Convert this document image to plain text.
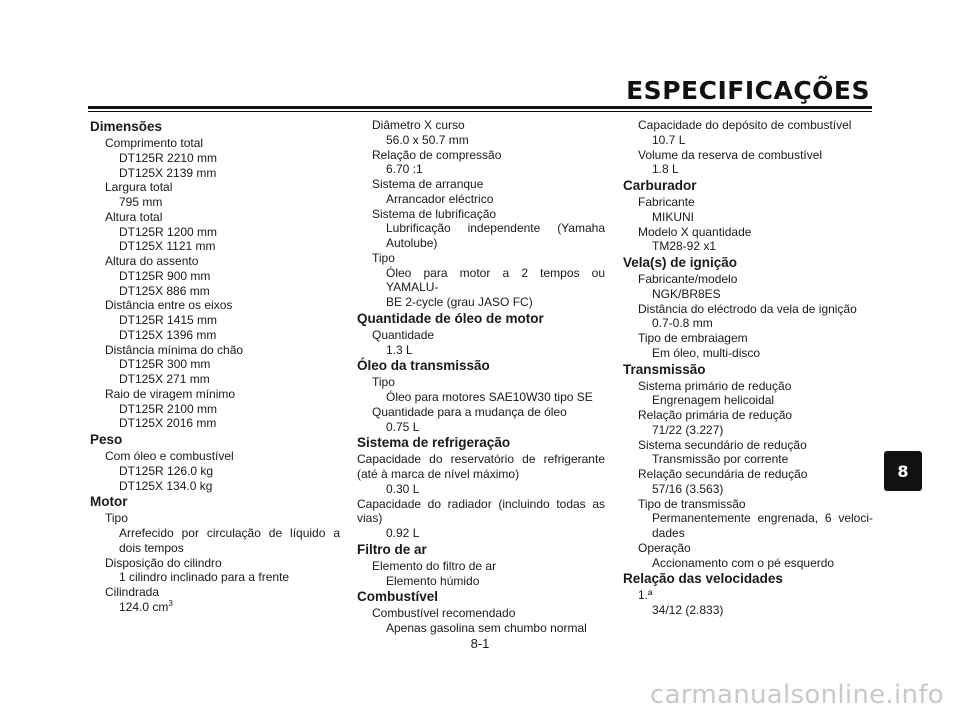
ESPECIFICAÇÕES
Dimensões
Comprimento total
DT125R 2210 mm
DT125X 2139 mm
Largura total
795 mm
Altura total
DT125R 1200 mm
DT125X 1121 mm
Altura do assento
DT125R 900 mm
DT125X 886 mm
Distância entre os eixos
DT125R 1415 mm
DT125X 1396 mm
Distância mínima do chão
DT125R 300 mm
DT125X 271 mm
Raio de viragem mínimo
DT125R 2100 mm
DT125X 2016 mm
Peso
Com óleo e combustível
DT125R 126.0 kg
DT125X 134.0 kg
Motor
Tipo
Arrefecido por circulação de líquido a
dois tempos
Disposição do cilindro
1 cilindro inclinado para a frente
Cilindrada
124.0 $cm^3$
Diâmetro X curso
56.0 x 50.7 mm
Relação de compressão
6.70 :1
Sistema de arranque
Arrancador eléctrico
Sistema de lubrificação
Lubrificação independente (Yamaha
Autolube)
Tipo
Óleo para motor a 2 tempos ou YAMALU-
BE 2-cycle (grau JASO FC)
Quantidade de óleo de motor
Quantidade
1.3 L
Óleo da transmissão
Tipo
Óleo para motores SAE10W30 tipo SE
Quantidade para a mudança de óleo
0.75 L
Sistema de refrigeração
Capacidade do reservatório de refrigerante
(até à marca de nível máximo)
0.30 L
Capacidade do radiador (incluindo todas as
vias)
0.92 L
Filtro de ar
Elemento do filtro de ar
Elemento húmido
Combustível
Combustível recomendado
Apenas gasolina sem chumbo normal
Capacidade do depósito de combustível
10.7 L
Volume da reserva de combustível
1.8 L
Carburador
Fabricante
MIKUNI
Modelo X quantidade
TM28-92 x1
Vela(s) de ignição
Fabricante/modelo
NGK/BR8ES
Distância do eléctrodo da vela de ignição
0.7-0.8 mm
Tipo de embraiagem
Em óleo, multi-disco
Transmissão
Sistema primário de redução
Engrenagem helicoidal
Relação primária de redução
71/22 (3.227)
Sistema secundário de redução
Transmissão por corrente
Relação secundária de redução
57/16 (3.563)
Tipo de transmissão
Permanentemente engrenada, 6 veloci-
dades
Operação
Accionamento com o pé esquerdo
Relação das velocidades
1.ª
34/12 (2.833)
8
8-1
carmanualsonline.info
